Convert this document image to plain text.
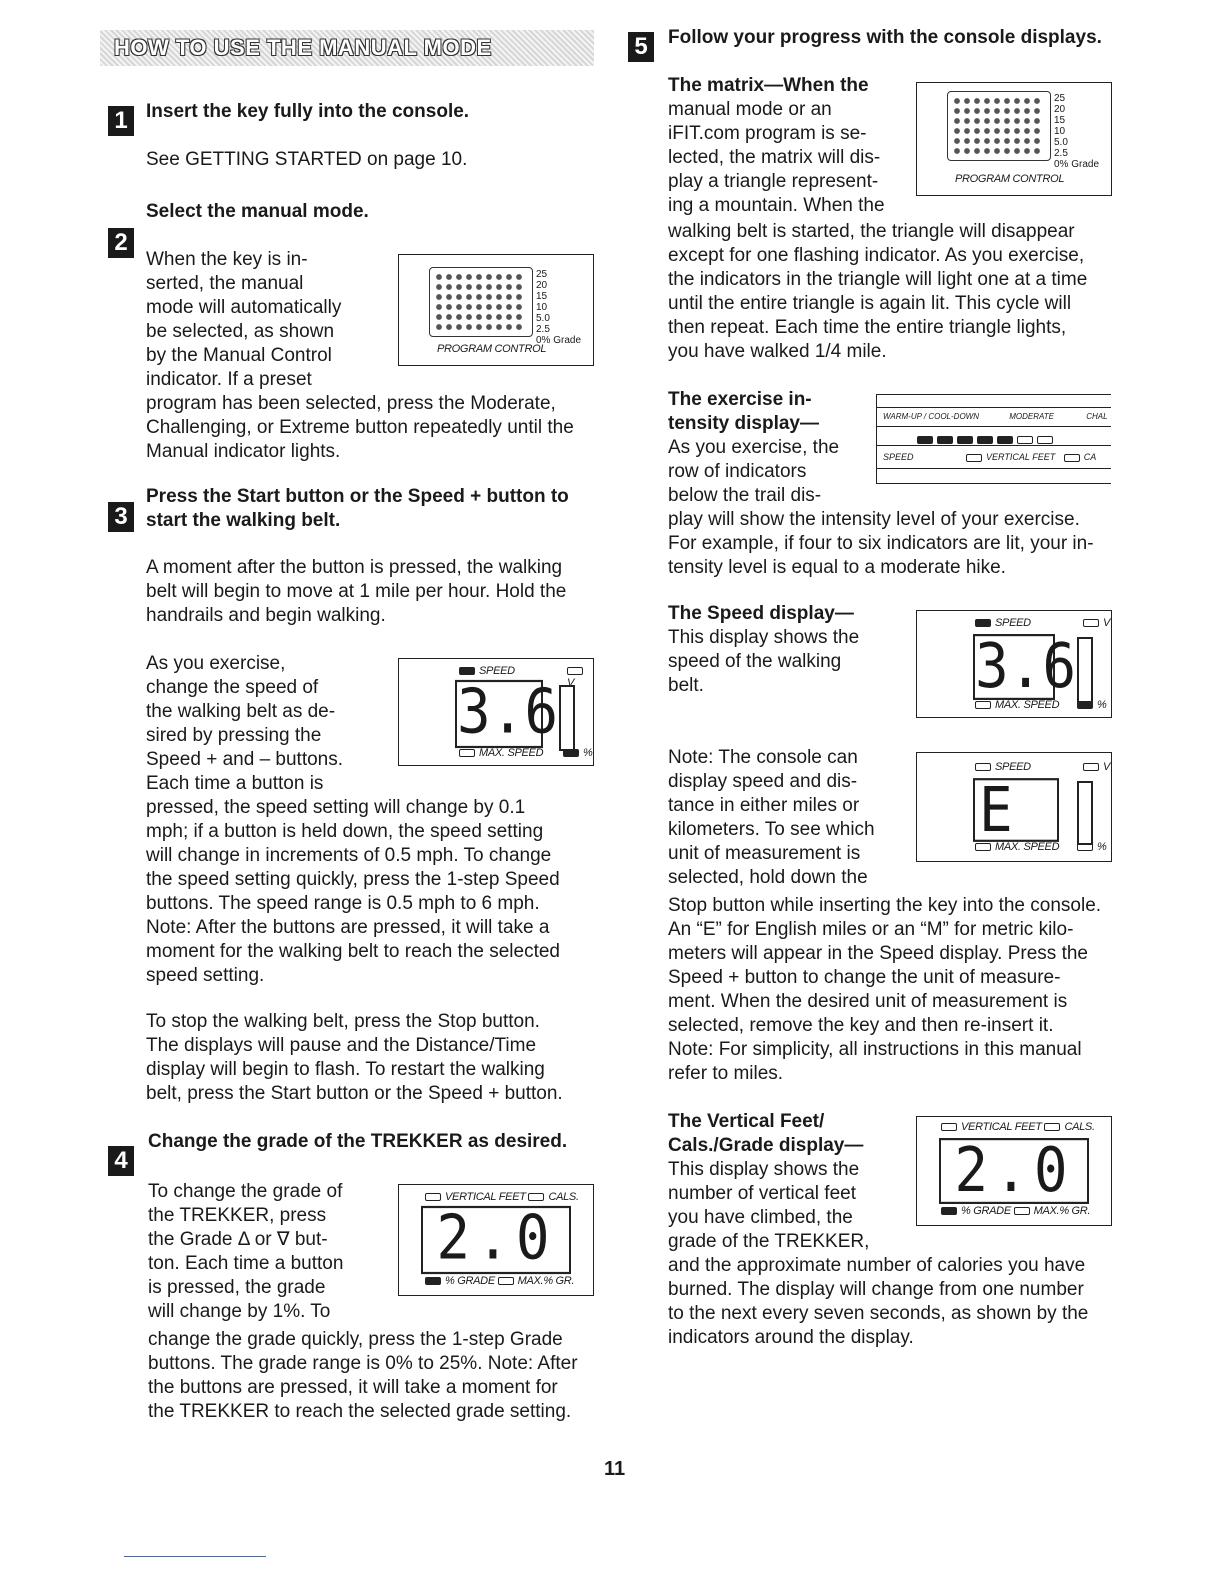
HOW TO USE THE MANUAL MODE
1 Insert the key fully into the console.
See GETTING STARTED on page 10.
2
Select the manual mode.
When the key is in-
serted, the manual
mode will automatically
be selected, as shown
by the Manual Control
indicator. If a preset
program has been selected, press the Moderate,
Challenging, or Extreme button repeatedly until the
Manual indicator lights.
25
20
15
10
5.0
2.5
0% Grade
PROGRAM CONTROL
3
Press the Start button or the Speed + button to
start the walking belt.
A moment after the button is pressed, the walking
belt will begin to move at 1 mile per hour. Hold the
handrails and begin walking.
As you exercise,
change the speed of
the walking belt as de-
sired by pressing the
Speed + and – buttons.
Each time a button is
pressed, the speed setting will change by 0.1
mph; if a button is held down, the speed setting
will change in increments of 0.5 mph. To change
the speed setting quickly, press the 1-step Speed
buttons. The speed range is 0.5 mph to 6 mph.
Note: After the buttons are pressed, it will take a
moment for the walking belt to reach the selected
speed setting.
To stop the walking belt, press the Stop button.
The displays will pause and the Distance/Time
display will begin to flash. To restart the walking
belt, press the Start button or the Speed + button.
SPEED
V
3.6
MAX. SPEED	%
4
Change the grade of the TREKKER as desired.
To change the grade of
the TREKKER, press
the Grade Δ or ∇ but-
ton. Each time a button
is pressed, the grade
will change by 1%. To
change the grade quickly, press the 1-step Grade
buttons. The grade range is 0% to 25%. Note: After
the buttons are pressed, it will take a moment for
the TREKKER to reach the selected grade setting.
VERTICAL FEET CALS.
2.0
% GRADE MAX.% GR.
5	Follow your progress with the console displays.
The matrix—When the
manual mode or an
iFIT.com program is se-
lected, the matrix will dis-
play a triangle represent-
ing a mountain. When the
walking belt is started, the triangle will disappear
except for one flashing indicator. As you exercise,
the indicators in the triangle will light one at a time
until the entire triangle is again lit. This cycle will
then repeat. Each time the entire triangle lights,
you have walked 1/4 mile.
25
20
15
10
5.0
2.5
0% Grade
PROGRAM CONTROL
The exercise in-
tensity display—
As you exercise, the
row of indicators
below the trail dis-
play will show the intensity level of your exercise.
For example, if four to six indicators are lit, your in-
tensity level is equal to a moderate hike.
WARM-UP / COOL-DOWN	MODERATE	CHAL
SPEED	VERTICAL FEET	CA
The Speed display—
This display shows the
speed of the walking
belt.
SPEED	V
3.6
MAX. SPEED	%
Note: The console can
display speed and dis-
tance in either miles or
kilometers. To see which
unit of measurement is
selected, hold down the
Stop button while inserting the key into the console.
An “E” for English miles or an “M” for metric kilo-
meters will appear in the Speed display. Press the
Speed + button to change the unit of measure-
ment. When the desired unit of measurement is
selected, remove the key and then re-insert it.
Note: For simplicity, all instructions in this manual
refer to miles.
SPEED	V
E
MAX. SPEED	%
The Vertical Feet/
Cals./Grade display—
This display shows the
number of vertical feet
you have climbed, the
grade of the TREKKER,
and the approximate number of calories you have
burned. The display will change from one number
to the next every seven seconds, as shown by the
indicators around the display.
VERTICAL FEET CALS.
2.0
% GRADE MAX.% GR.
11
